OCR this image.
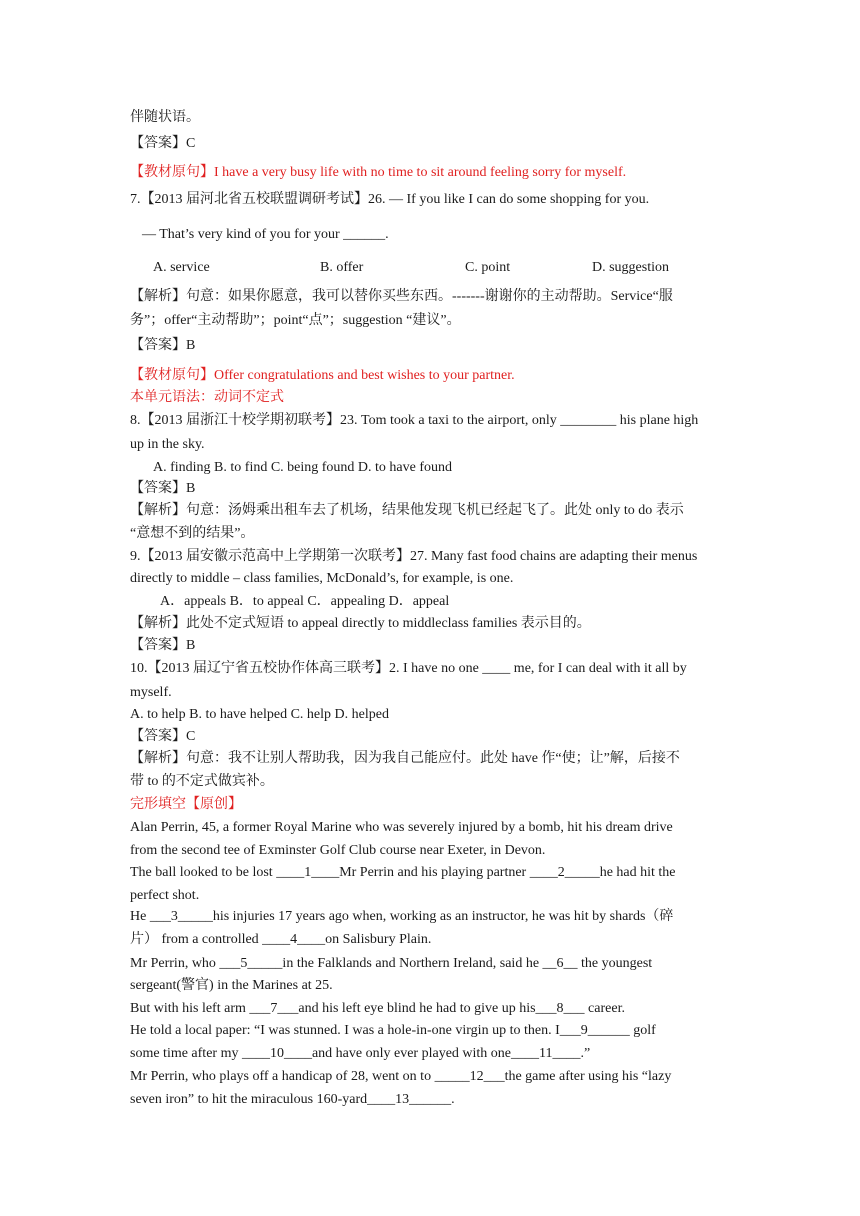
伴随状语。
【答案】C
【教材原句】I have a very busy life with no time to sit around feeling sorry for myself.
7.【2013 届河北省五校联盟调研考试】26. — If you like I can do some shopping for you.
— That’s very kind of you for your ______.
A. service	B. offer	C. point	D. suggestion
【解析】句意：如果你愿意，我可以替你买些东西。-------谢谢你的主动帮助。Service“服
务”；offer“主动帮助”；point“点”；suggestion “建议”。
【答案】B
【教材原句】Offer congratulations and best wishes to your partner.
本单元语法：动词不定式
8.【2013 届浙江十校学期初联考】23. Tom took a taxi to the airport, only ________ his plane high
up in the sky.
A. finding B. to find C. being found D. to have found
【答案】B
【解析】句意：汤姆乘出租车去了机场，结果他发现飞机已经起飞了。此处 only to do 表示
“意想不到的结果”。
9.【2013 届安徽示范高中上学期第一次联考】27. Many fast food chains are adapting their menus
directly to middle – class families, McDonald’s, for example, is one.
A．appeals B．to appeal C．appealing D．appeal
【解析】此处不定式短语 to appeal directly to middleclass families 表示目的。
【答案】B
10.【2013 届辽宁省五校协作体高三联考】2. I have no one ____ me, for I can deal with it all by
myself.
A. to help B. to have helped C. help D. helped
【答案】C
【解析】句意：我不让别人帮助我，因为我自己能应付。此处 have 作“使；让”解，后接不
带 to 的不定式做宾补。
完形填空【原创】
Alan Perrin, 45, a former Royal Marine who was severely injured by a bomb, hit his dream drive
from the second tee of Exminster Golf Club course near Exeter, in Devon.
The ball looked to be lost ____1____Mr Perrin and his playing partner ____2_____he had hit the
perfect shot.
He ___3_____his injuries 17 years ago when, working as an instructor, he was hit by shards（碎
片） from a controlled ____4____on Salisbury Plain.
Mr Perrin, who ___5_____in the Falklands and Northern Ireland, said he __6__ the youngest
sergeant(警官) in the Marines at 25.
But with his left arm ___7___and his left eye blind he had to give up his___8___ career.
He told a local paper: “I was stunned. I was a hole-in-one virgin up to then. I___9______ golf
some time after my ____10____and have only ever played with one____11____.”
Mr Perrin, who plays off a handicap of 28, went on to _____12___the game after using his “lazy
seven iron” to hit the miraculous 160-yard____13______.
